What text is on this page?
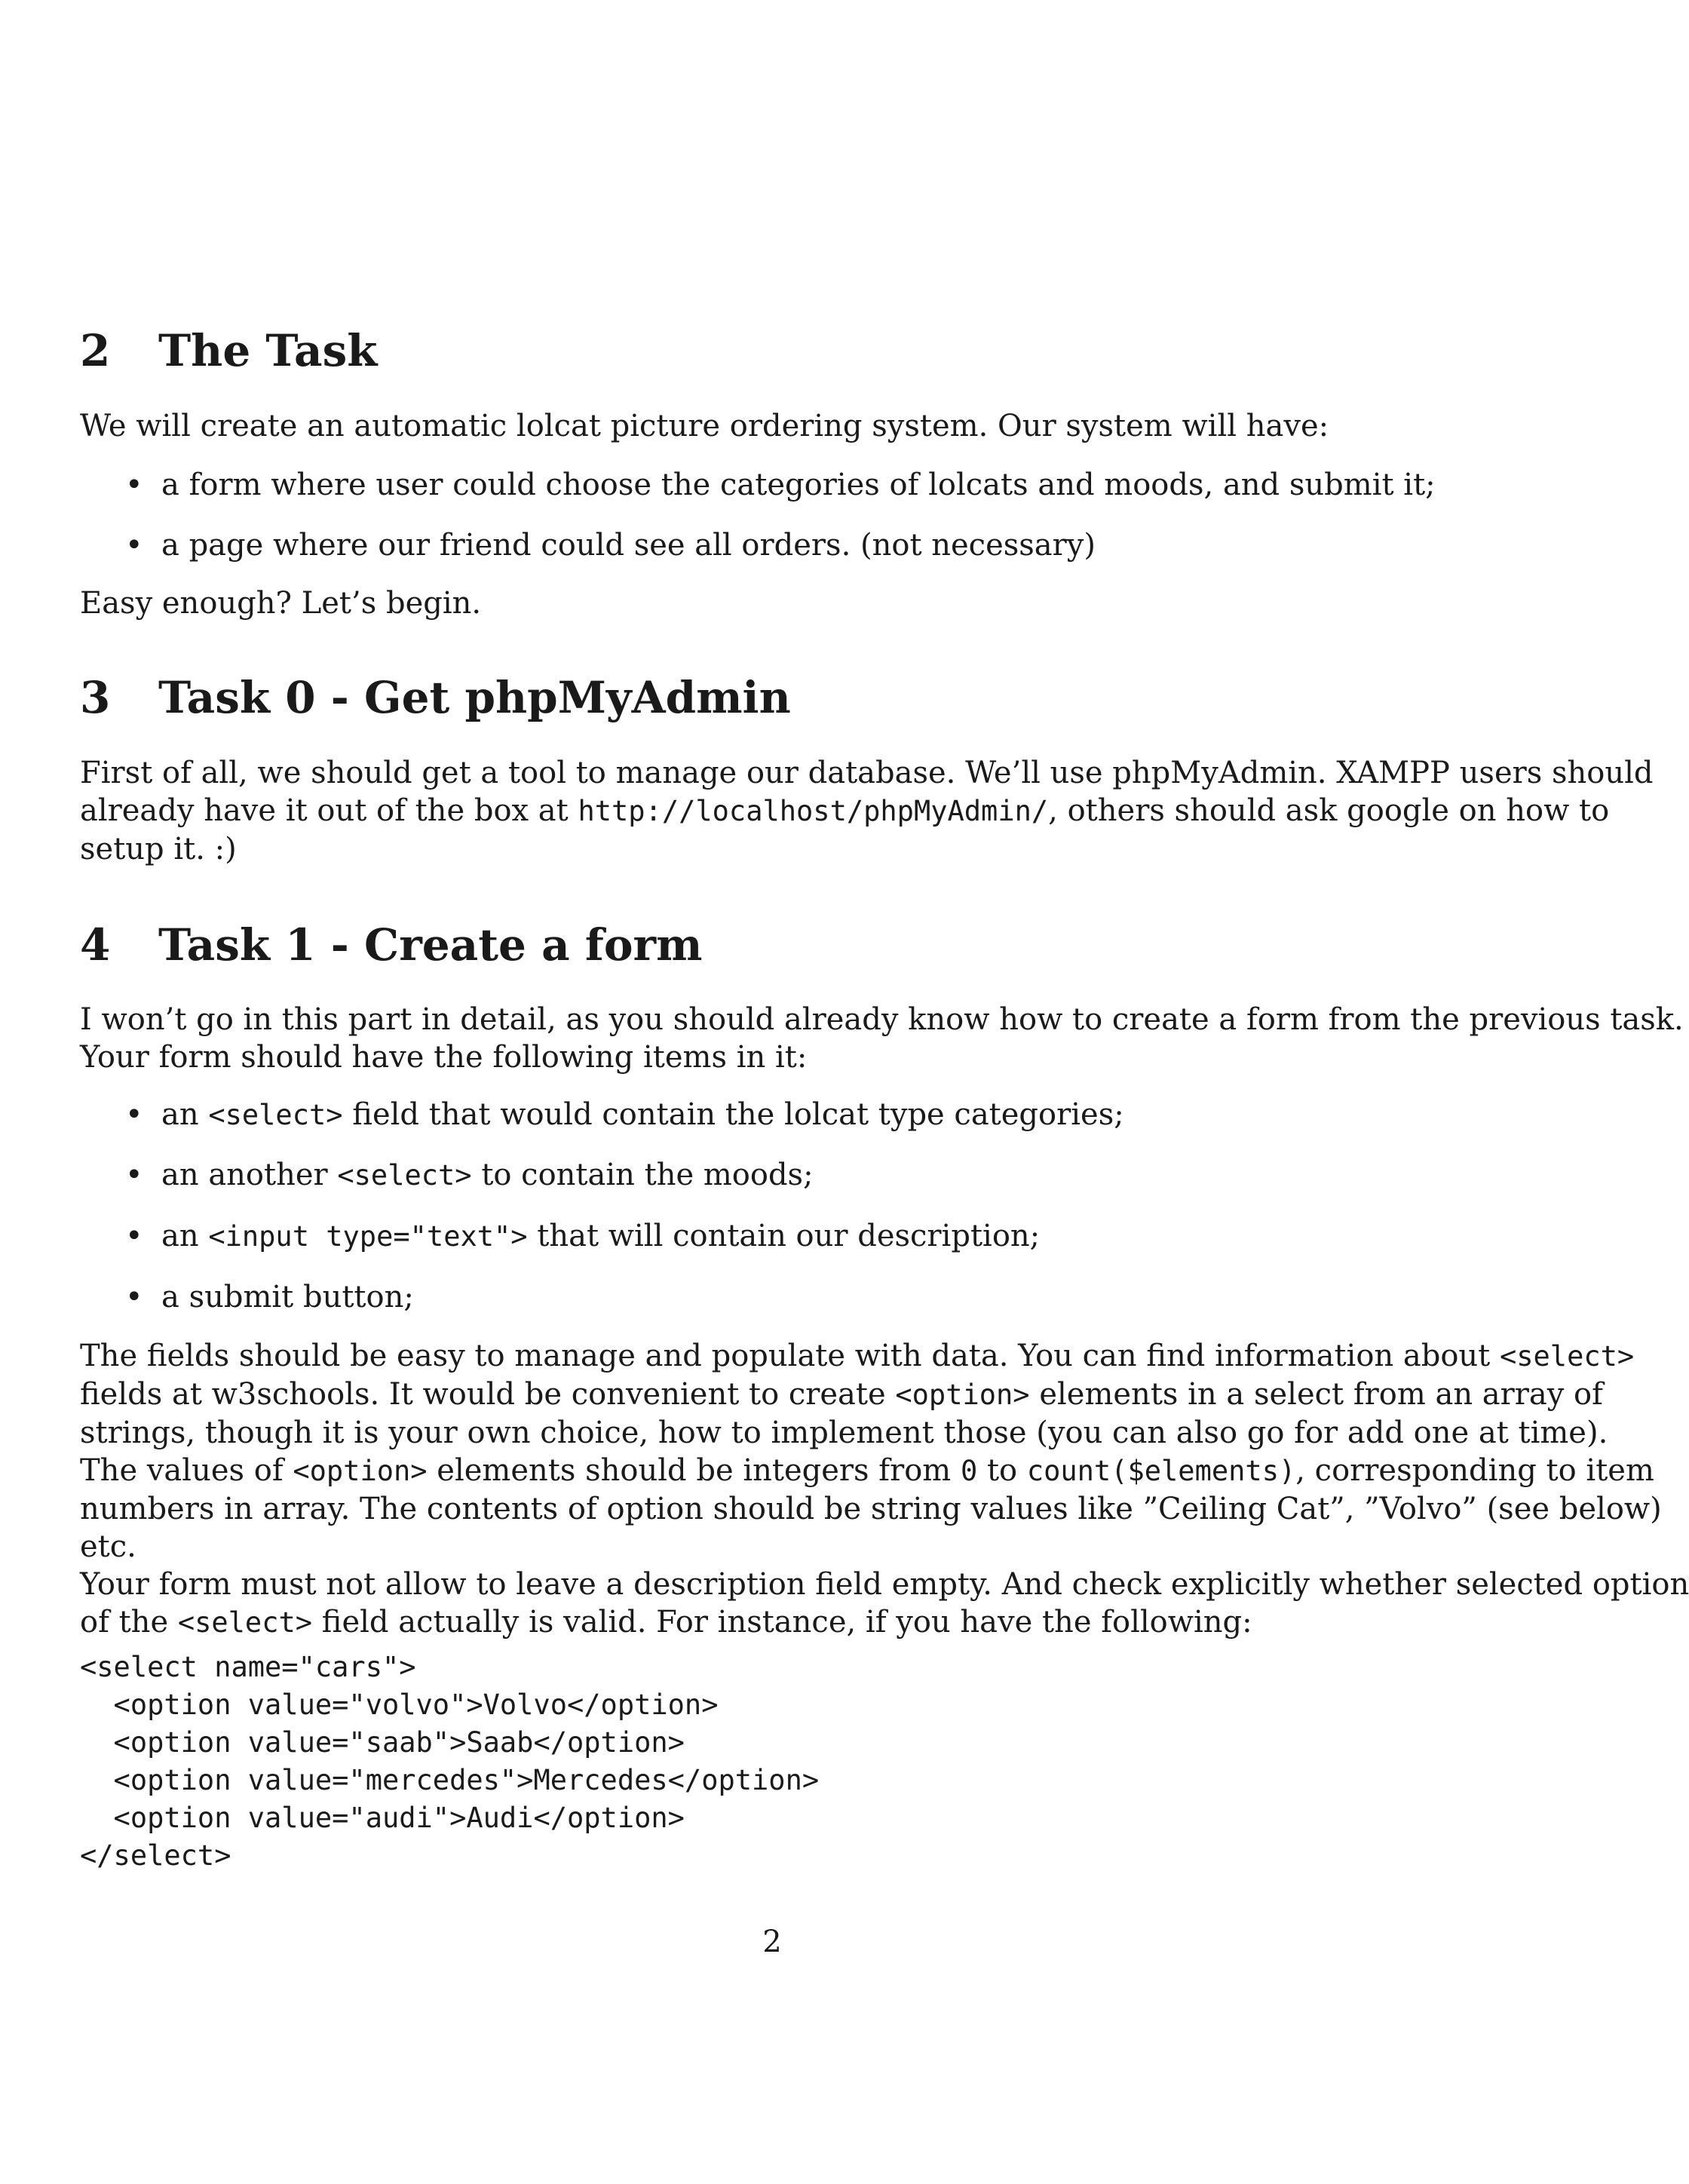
2 The Task

We will create an automatic lolcat picture ordering system. Our system will have:

• a form where user could choose the categories of lolcats and moods, and submit it;
• a page where our friend could see all orders. (not necessary)

Easy enough? Let’s begin.

3 Task 0 - Get phpMyAdmin

First of all, we should get a tool to manage our database. We’ll use phpMyAdmin. XAMPP users should
already have it out of the box at http://localhost/phpMyAdmin/, others should ask google on how to
setup it. :)

4 Task 1 - Create a form

I won’t go in this part in detail, as you should already know how to create a form from the previous task.
Your form should have the following items in it:

• an <select> field that would contain the lolcat type categories;
• an another <select> to contain the moods;
• an <input type="text"> that will contain our description;
• a submit button;

The fields should be easy to manage and populate with data. You can find information about <select>
fields at w3schools. It would be convenient to create <option> elements in a select from an array of
strings, though it is your own choice, how to implement those (you can also go for add one at time).
The values of <option> elements should be integers from 0 to count($elements), corresponding to item
numbers in array. The contents of option should be string values like ”Ceiling Cat”, ”Volvo” (see below)
etc.
Your form must not allow to leave a description field empty. And check explicitly whether selected option
of the <select> field actually is valid. For instance, if you have the following:

<select name="cars">
<option value="volvo">Volvo</option>
<option value="saab">Saab</option>
<option value="mercedes">Mercedes</option>
<option value="audi">Audi</option>
</select>
2
